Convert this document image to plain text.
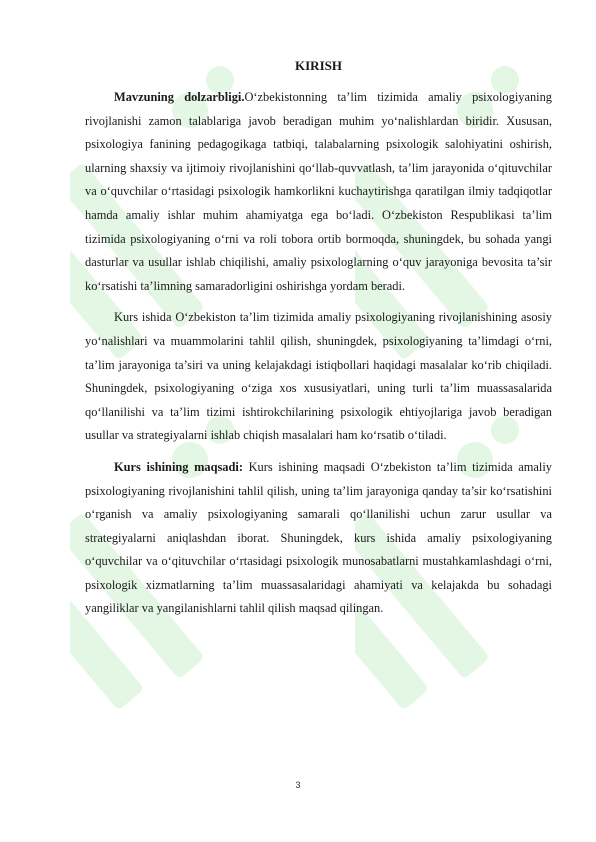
KIRISH

Mavzuning dolzarbligi.O‘zbekistonning ta’lim tizimida amaliy psixologiyaning rivojlanishi zamon talablariga javob beradigan muhim yo‘nalishlardan biridir. Xususan, psixologiya fanining pedagogikaga tatbiqi, talabalarning psixologik salohiyatini oshirish, ularning shaxsiy va ijtimoiy rivojlanishini qo‘llab-quvvatlash, ta’lim jarayonida o‘qituvchilar va o‘quvchilar o‘rtasidagi psixologik hamkorlikni kuchaytirishga qaratilgan ilmiy tadqiqotlar hamda amaliy ishlar muhim ahamiyatga ega bo‘ladi. O‘zbekiston Respublikasi ta’lim tizimida psixologiyaning o‘rni va roli tobora ortib bormoqda, shuningdek, bu sohada yangi dasturlar va usullar ishlab chiqilishi, amaliy psixologlarning o‘quv jarayoniga bevosita ta’sir ko‘rsatishi ta’limning samaradorligini oshirishga yordam beradi.

Kurs ishida O‘zbekiston ta’lim tizimida amaliy psixologiyaning rivojlanishining asosiy yo‘nalishlari va muammolarini tahlil qilish, shuningdek, psixologiyaning ta’limdagi o‘rni, ta’lim jarayoniga ta’siri va uning kelajakdagi istiqbollari haqidagi masalalar ko‘rib chiqiladi. Shuningdek, psixologiyaning o‘ziga xos xususiyatlari, uning turli ta’lim muassasalarida qo‘llanilishi va ta’lim tizimi ishtirokchilarining psixologik ehtiyojlariga javob beradigan usullar va strategiyalarni ishlab chiqish masalalari ham ko‘rsatib o‘tiladi.

Kurs ishining maqsadi: Kurs ishining maqsadi O‘zbekiston ta’lim tizimida amaliy psixologiyaning rivojlanishini tahlil qilish, uning ta’lim jarayoniga qanday ta’sir ko‘rsatishini o‘rganish va amaliy psixologiyaning samarali qo‘llanilishi uchun zarur usullar va strategiyalarni aniqlashdan iborat. Shuningdek, kurs ishida amaliy psixologiyaning o‘quvchilar va o‘qituvchilar o‘rtasidagi psixologik munosabatlarni mustahkamlashdagi o‘rni, psixologik xizmatlarning ta’lim muassasalaridagi ahamiyati va kelajakda bu sohadagi yangiliklar va yangilanishlarni tahlil qilish maqsad qilingan.

3
